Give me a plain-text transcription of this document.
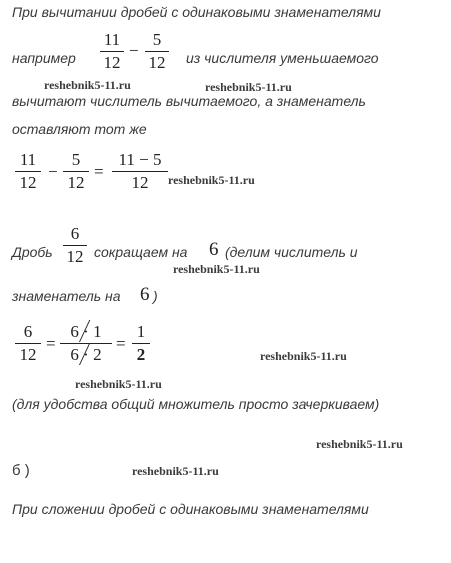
При вычитании дробей с одинаковыми знаменателями
например
11
12
−
5
12 из числителя уменьшаемого
reshebnik5-11.ru	reshebnik5-11.ru
вычитают числитель вычитаемого, а знаменатель
оставляют тот же
11
12
−
5
12
=
11 − 5
12	reshebnik5-11.ru
Дробь
6
12 сокращаем на 6 (делим числитель и
reshebnik5-11.ru
знаменатель на 6 )
6
12
=
6 · 1
6 · 2
=
1
2	reshebnik5-11.ru
reshebnik5-11.ru
(для удобства общий множитель просто зачеркиваем)
reshebnik5-11.ru
б )	reshebnik5-11.ru
При сложении дробей с одинаковыми знаменателями
